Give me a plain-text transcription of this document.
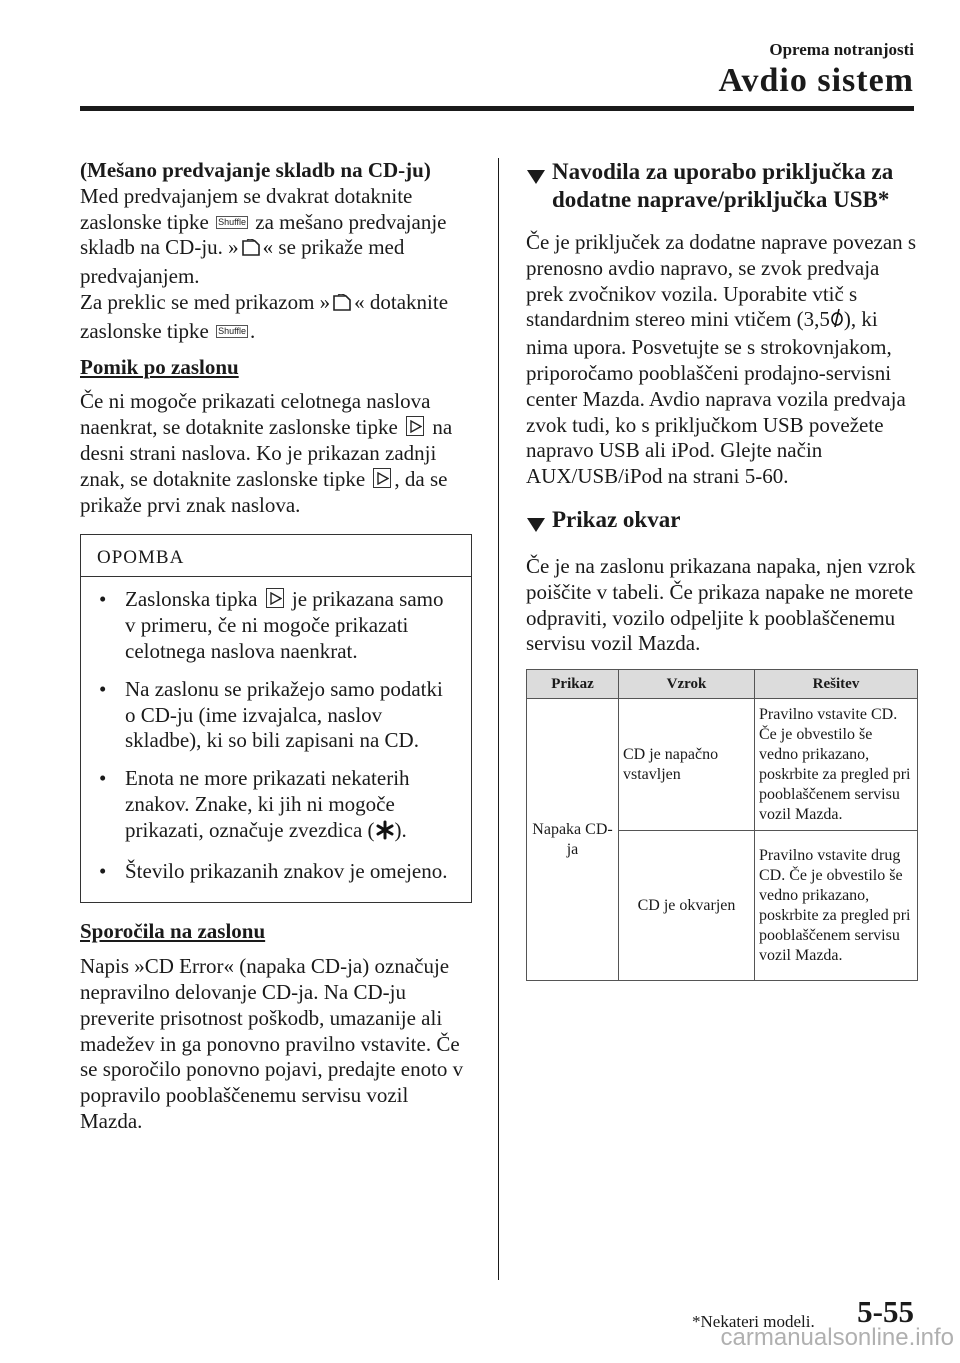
Oprema notranjosti
Avdio sistem

(Mešano predvajanje skladb na CD-ju)

Med predvajanjem se dvakrat dotaknite zaslonske tipke Shuffle za mešano predvajanje skladb na CD-ju. » « se prikaže med predvajanjem.

Za preklic se med prikazom » « dotaknite zaslonske tipke Shuffle .

Pomik po zaslonu

Če ni mogoče prikazati celotnega naslova naenkrat, se dotaknite zaslonske tipke na desni strani naslova. Ko je prikazan zadnji znak, se dotaknite zaslonske tipke , da se prikaže prvi znak naslova.

OPOMBA
• Zaslonska tipka je prikazana samo v primeru, če ni mogoče prikazati celotnega naslova naenkrat.
• Na zaslonu se prikažejo samo podatki o CD-ju (ime izvajalca, naslov skladbe), ki so bili zapisani na CD.
• Enota ne more prikazati nekaterih znakov. Znake, ki jih ni mogoče prikazati, označuje zvezdica ( ).
• Število prikazanih znakov je omejeno.

Sporočila na zaslonu

Napis »CD Error« (napaka CD-ja) označuje nepravilno delovanje CD-ja. Na CD-ju preverite prisotnost poškodb, umazanije ali madežev in ga ponovno pravilno vstavite. Če se sporočilo ponovno pojavi, predajte enoto v popravilo pooblaščenemu servisu vozil Mazda.

Navodila za uporabo priključka za dodatne naprave/priključka USB*

Če je priključek za dodatne naprave povezan s prenosno avdio napravo, se zvok predvaja prek zvočnikov vozila. Uporabite vtič s standardnim stereo mini vtičem (3,5 ), ki nima upora. Posvetujte se s strokovnjakom, priporočamo pooblaščeni prodajno-servisni center Mazda. Avdio naprava vozila predvaja zvok tudi, ko s priključkom USB povežete napravo USB ali iPod. Glejte način AUX/USB/iPod na strani 5-60.

Prikaz okvar

Če je na zaslonu prikazana napaka, njen vzrok poiščite v tabeli. Če prikaza napake ne morete odpraviti, vozilo odpeljite k pooblaščenemu servisu vozil Mazda.

Prikaz	Vzrok	Rešitev
Napaka CD-ja	CD je napačno vstavljen	Pravilno vstavite CD. Če je obvestilo še vedno prikazano, poskrbite za pregled pri pooblaščenem servisu vozil Mazda.
	CD je okvarjen	Pravilno vstavite drug CD. Če je obvestilo še vedno prikazano, poskrbite za pregled pri pooblaščenem servisu vozil Mazda.
*Nekateri modeli. 5-55
carmanualsonline.info
